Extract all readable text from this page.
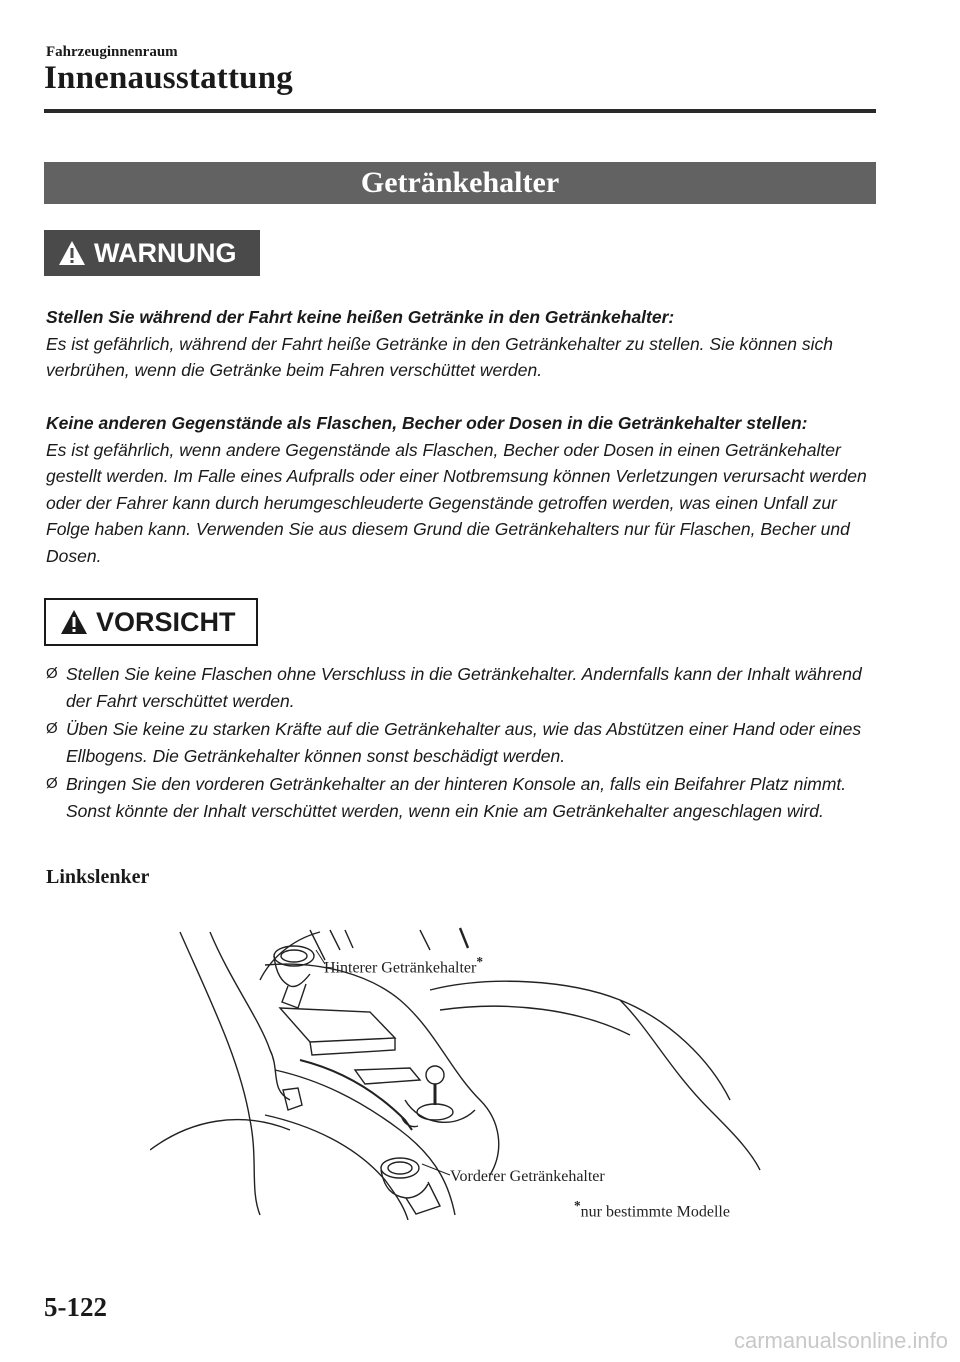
Fahrzeuginnenraum
Innenausstattung
Getränkehalter
WARNUNG

Stellen Sie während der Fahrt keine heißen Getränke in den Getränkehalter:

Es ist gefährlich, während der Fahrt heiße Getränke in den Getränkehalter zu stellen. Sie können sich verbrühen, wenn die Getränke beim Fahren verschüttet werden.

Keine anderen Gegenstände als Flaschen, Becher oder Dosen in die Getränkehalter stellen:

Es ist gefährlich, wenn andere Gegenstände als Flaschen, Becher oder Dosen in einen Getränkehalter gestellt werden. Im Falle eines Aufpralls oder einer Notbremsung können Verletzungen verursacht werden oder der Fahrer kann durch herumgeschleuderte Gegenstände getroffen werden, was einen Unfall zur Folge haben kann. Verwenden Sie aus diesem Grund die Getränkehalters nur für Flaschen, Becher und Dosen.

VORSICHT
Ø Stellen Sie keine Flaschen ohne Verschluss in die Getränkehalter. Andernfalls kann der Inhalt während der Fahrt verschüttet werden.
Ø Üben Sie keine zu starken Kräfte auf die Getränkehalter aus, wie das Abstützen einer Hand oder eines Ellbogens. Die Getränkehalter können sonst beschädigt werden.
Ø Bringen Sie den vorderen Getränkehalter an der hinteren Konsole an, falls ein Beifahrer Platz nimmt. Sonst könnte der Inhalt verschüttet werden, wenn ein Knie am Getränkehalter angeschlagen wird.
Linkslenker
Hinterer Getränkehalter*
Vorderer Getränkehalter
*nur bestimmte Modelle
5-122
carmanualsonline.info
